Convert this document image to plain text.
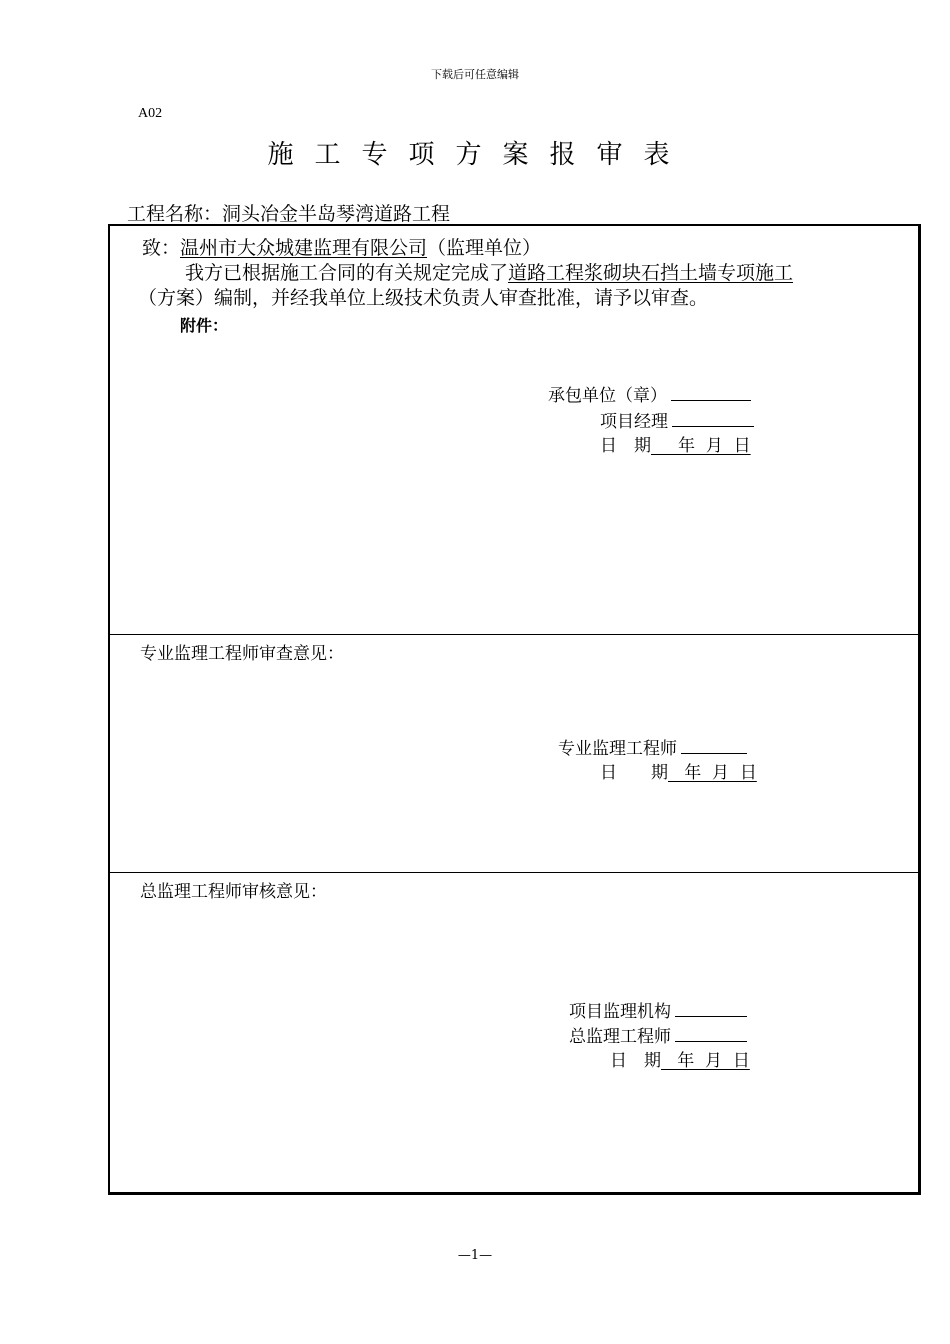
下载后可任意编辑
A02
施工专项方案报审表
工程名称：洞头冶金半岛琴湾道路工程
致：温州市大众城建监理有限公司（监理单位）
我方已根据施工合同的有关规定完成了道路工程浆砌块石挡土墙专项施工
（方案）编制，并经我单位上级技术负责人审查批准，请予以审查。
附件：
承包单位（章）
项目经理
日　期     年  月  日
专业监理工程师审查意见：
专业监理工程师
日　　期   年  月  日
总监理工程师审核意见：
项目监理机构
总监理工程师
日　期   年  月  日
—1—
